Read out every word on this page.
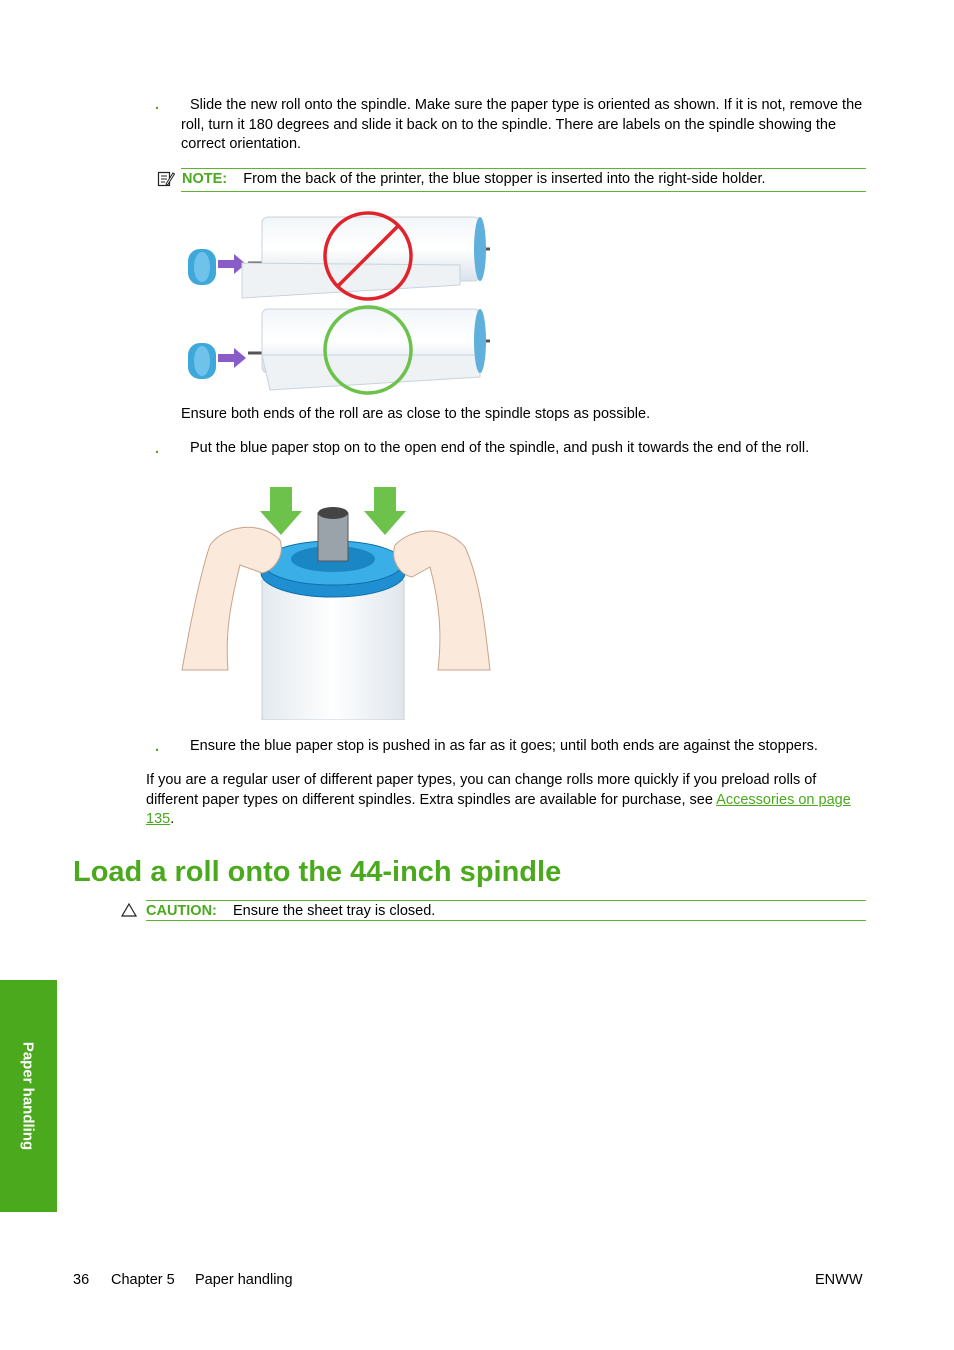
.	Slide the new roll onto the spindle. Make sure the paper type is oriented as shown. If it is not, remove the roll, turn it 180 degrees and slide it back on to the spindle. There are labels on the spindle showing the correct orientation.
NOTE: From the back of the printer, the blue stopper is inserted into the right-side holder.
Ensure both ends of the roll are as close to the spindle stops as possible.
. Put the blue paper stop on to the open end of the spindle, and push it towards the end of the roll.
. Ensure the blue paper stop is pushed in as far as it goes; until both ends are against the stoppers.
If you are a regular user of different paper types, you can change rolls more quickly if you preload rolls of different paper types on different spindles. Extra spindles are available for purchase, see Accessories on page 135.
Load a roll onto the 44-inch spindle
CAUTION: Ensure the sheet tray is closed.
Paper handling
36 Chapter 5 Paper handling	ENWW
